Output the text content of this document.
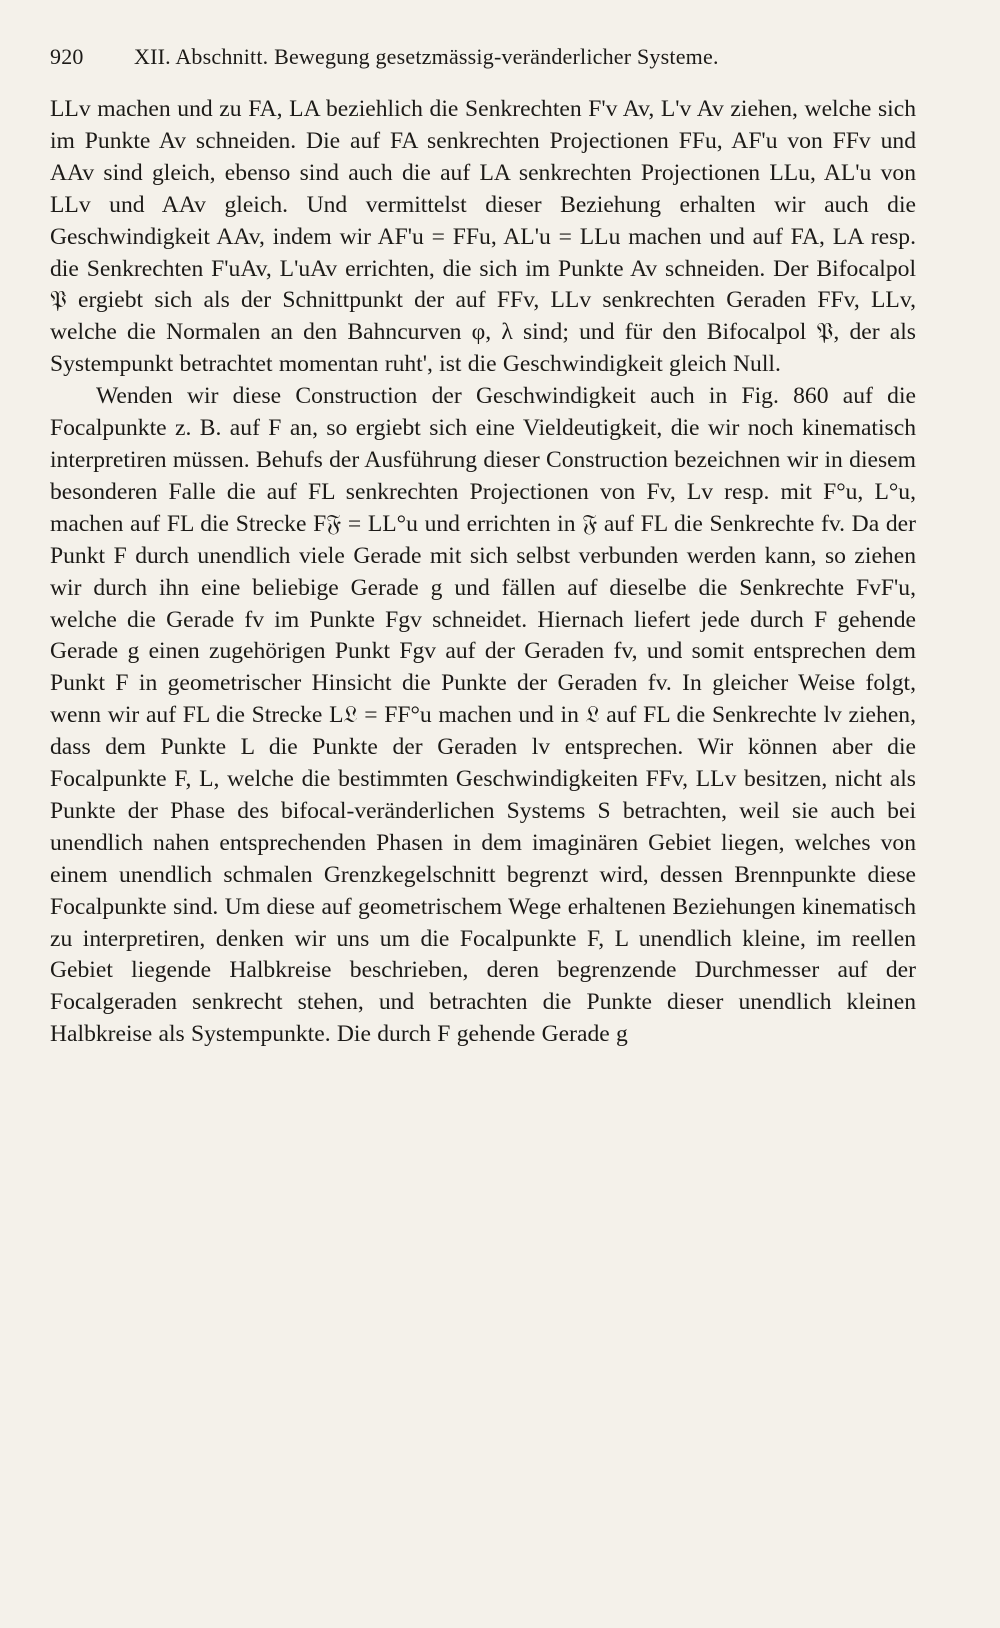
920	XII. Abschnitt. Bewegung gesetzmässig-veränderlicher Systeme.

LLv machen und zu FA, LA beziehlich die Senkrechten F'v Av, L'v Av ziehen, welche sich im Punkte Av schneiden. Die auf FA senkrechten Projectionen FFu, AF'u von FFv und AAv sind gleich, ebenso sind auch die auf LA senkrechten Projectionen LLu, AL'u von LLv und AAv gleich. Und vermittelst dieser Beziehung erhalten wir auch die Geschwindigkeit AAv, indem wir AF'u = FFu, AL'u = LLu machen und auf FA, LA resp. die Senkrechten F'uAv, L'uAv errichten, die sich im Punkte Av schneiden. Der Bifocalpol 𝔓 ergiebt sich als der Schnittpunkt der auf FFv, LLv senkrechten Geraden FFv, LLv, welche die Normalen an den Bahncurven φ, λ sind; und für den Bifocalpol 𝔓, der als Systempunkt betrachtet momentan ruht', ist die Geschwindigkeit gleich Null.

Wenden wir diese Construction der Geschwindigkeit auch in Fig. 860 auf die Focalpunkte z. B. auf F an, so ergiebt sich eine Vieldeutigkeit, die wir noch kinematisch interpretiren müssen. Behufs der Ausführung dieser Construction bezeichnen wir in diesem besonderen Falle die auf FL senkrechten Projectionen von Fv, Lv resp. mit F°u, L°u, machen auf FL die Strecke F𝔉 = LL°u und errichten in 𝔉 auf FL die Senkrechte fv. Da der Punkt F durch unendlich viele Gerade mit sich selbst verbunden werden kann, so ziehen wir durch ihn eine beliebige Gerade g und fällen auf dieselbe die Senkrechte FvF'u, welche die Gerade fv im Punkte Fgv schneidet. Hiernach liefert jede durch F gehende Gerade g einen zugehörigen Punkt Fgv auf der Geraden fv, und somit entsprechen dem Punkt F in geometrischer Hinsicht die Punkte der Geraden fv. In gleicher Weise folgt, wenn wir auf FL die Strecke L𝔏 = FF°u machen und in 𝔏 auf FL die Senkrechte lv ziehen, dass dem Punkte L die Punkte der Geraden lv entsprechen. Wir können aber die Focalpunkte F, L, welche die bestimmten Geschwindigkeiten FFv, LLv besitzen, nicht als Punkte der Phase des bifocal-veränderlichen Systems S betrachten, weil sie auch bei unendlich nahen entsprechenden Phasen in dem imaginären Gebiet liegen, welches von einem unendlich schmalen Grenzkegelschnitt begrenzt wird, dessen Brennpunkte diese Focalpunkte sind. Um diese auf geometrischem Wege erhaltenen Beziehungen kinematisch zu interpretiren, denken wir uns um die Focalpunkte F, L unendlich kleine, im reellen Gebiet liegende Halbkreise beschrieben, deren begrenzende Durchmesser auf der Focalgeraden senkrecht stehen, und betrachten die Punkte dieser unendlich kleinen Halbkreise als Systempunkte. Die durch F gehende Gerade g
